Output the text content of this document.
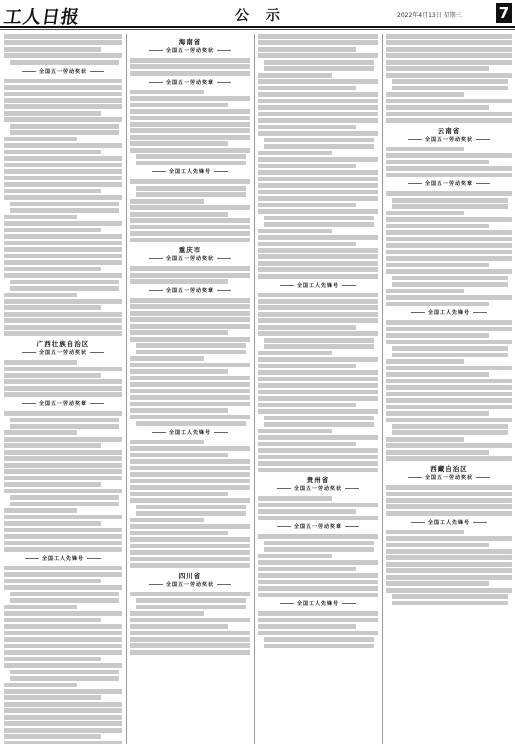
工人日报	公 示	2022年4月13日 星期三 7
全国五一劳动奖状
广西壮族自治区
全国五一劳动奖状
全国五一劳动奖章
全国工人先锋号
海南省
全国五一劳动奖状
全国五一劳动奖章
全国工人先锋号
重庆市
全国五一劳动奖状
全国五一劳动奖章
全国工人先锋号
四川省
全国五一劳动奖状
全国工人先锋号
贵州省
全国五一劳动奖状
全国五一劳动奖章
全国工人先锋号
云南省
全国五一劳动奖状
全国五一劳动奖章
全国工人先锋号
西藏自治区
全国五一劳动奖状
全国工人先锋号
